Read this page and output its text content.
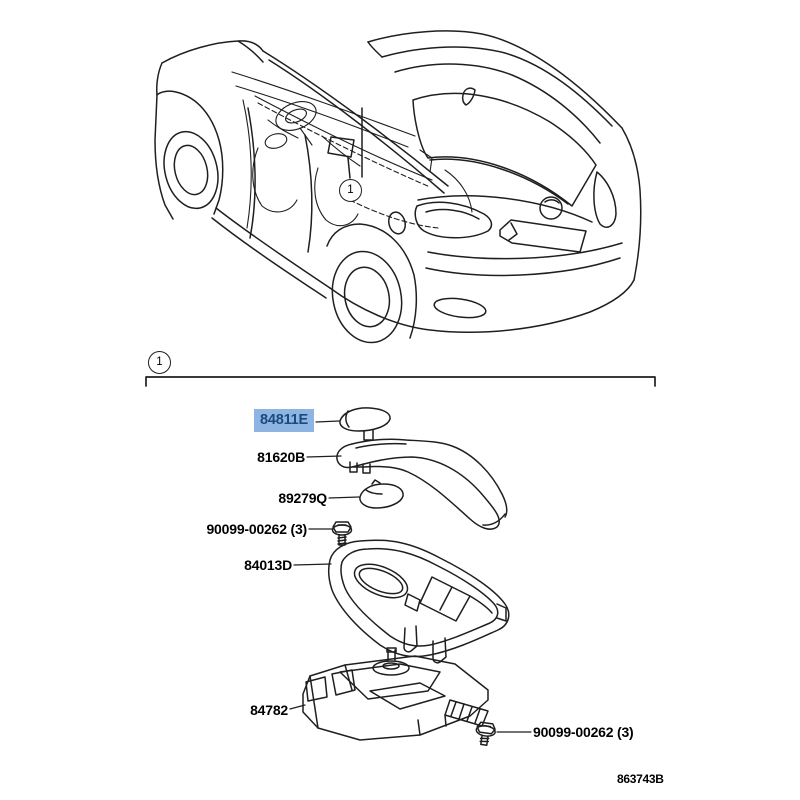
1
1
84811E
81620B
89279Q
90099-00262 (3)
84013D
84782
90099-00262 (3)
863743B
